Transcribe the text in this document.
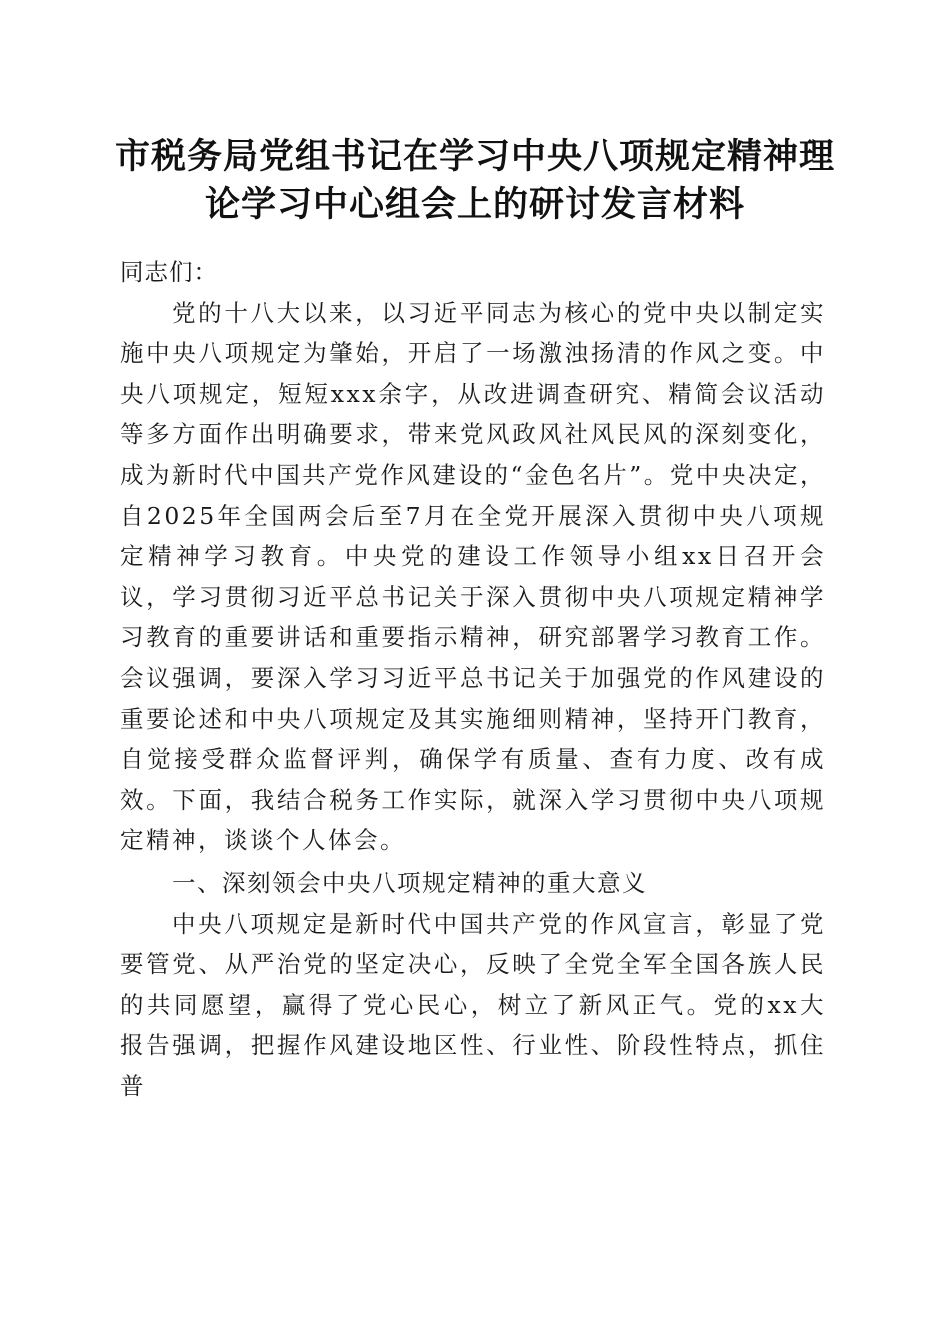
市税务局党组书记在学习中央八项规定精神理
论学习中心组会上的研讨发言材料

同志们：

党的十八大以来，以习近平同志为核心的党中央以制定实施中央八项规定为肇始，开启了一场激浊扬清的作风之变。中央八项规定，短短xxx余字，从改进调查研究、精简会议活动等多方面作出明确要求，带来党风政风社风民风的深刻变化，成为新时代中国共产党作风建设的“金色名片”。党中央决定，自2025年全国两会后至7月在全党开展深入贯彻中央八项规定精神学习教育。中央党的建设工作领导小组xx日召开会议，学习贯彻习近平总书记关于深入贯彻中央八项规定精神学习教育的重要讲话和重要指示精神，研究部署学习教育工作。会议强调，要深入学习习近平总书记关于加强党的作风建设的重要论述和中央八项规定及其实施细则精神，坚持开门教育，自觉接受群众监督评判，确保学有质量、查有力度、改有成效。下面，我结合税务工作实际，就深入学习贯彻中央八项规定精神，谈谈个人体会。

一、深刻领会中央八项规定精神的重大意义

中央八项规定是新时代中国共产党的作风宣言，彰显了党要管党、从严治党的坚定决心，反映了全党全军全国各族人民的共同愿望，赢得了党心民心，树立了新风正气。党的xx大报告强调，把握作风建设地区性、行业性、阶段性特点，抓住普
